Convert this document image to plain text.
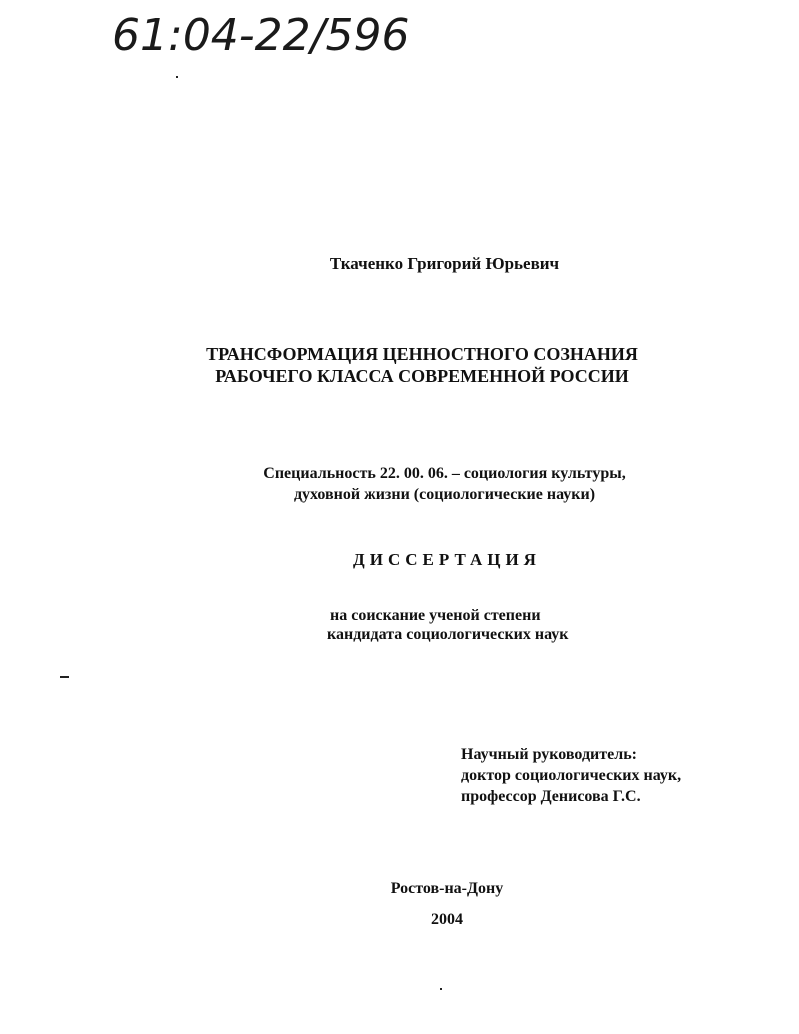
61:04-22/596
Ткаченко Григорий Юрьевич
ТРАНСФОРМАЦИЯ ЦЕННОСТНОГО СОЗНАНИЯ
РАБОЧЕГО КЛАССА СОВРЕМЕННОЙ РОССИИ
Специальность 22. 00. 06. – социология культуры,
духовной жизни (социологические науки)
ДИССЕРТАЦИЯ
на соискание ученой степени
кандидата социологических наук
Научный руководитель:
доктор социологических наук,
профессор Денисова Г.С.
Ростов-на-Дону
2004
